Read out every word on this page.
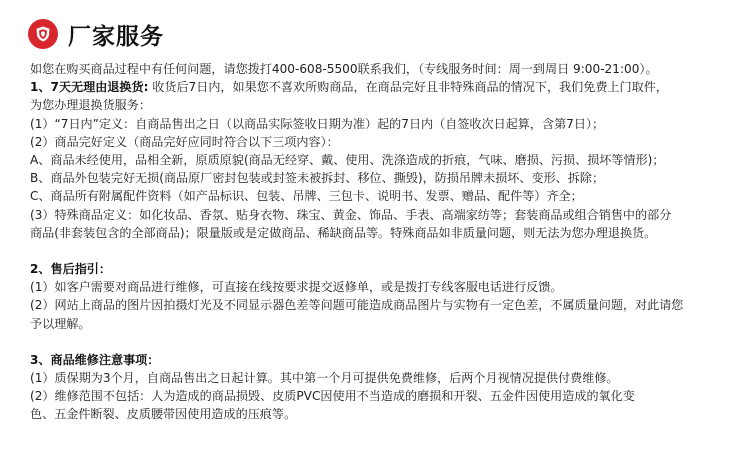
厂家服务
如您在购买商品过程中有任何问题，请您拨打400-608-5500联系我们，（专线服务时间：周一到周日 9:00-21:00）。
1、7天无理由退换货: 收货后7日内，如果您不喜欢所购商品，在商品完好且非特殊商品的情况下，我们免费上门取件，
为您办理退换货服务：
(1）“7日内”定义：自商品售出之日（以商品实际签收日期为准）起的7日内（自签收次日起算，含第7日）；
(2）商品完好定义（商品完好应同时符合以下三项内容）：
A、商品未经使用，品相全新，原质原貌(商品无经穿、戴、使用、洗涤造成的折痕，气味、磨损、污损、损坏等情形)；
B、商品外包装完好无损(商品原厂密封包装或封签未被拆封、移位、撕毁)，防损吊牌未损坏、变形、拆除；
C、商品所有附属配件资料（如产品标识、包装、吊牌、三包卡、说明书、发票、赠品、配件等）齐全；
(3）特殊商品定义：如化妆品、香氛、贴身衣物、珠宝、黄金、饰品、手表、高端家纺等；套装商品或组合销售中的部分
商品(非套装包含的全部商品)；限量版或是定做商品、稀缺商品等。特殊商品如非质量问题，则无法为您办理退换货。
2、售后指引：
(1）如客户需要对商品进行维修，可直接在线按要求提交返修单，或是拨打专线客服电话进行反馈。
(2）网站上商品的图片因拍摄灯光及不同显示器色差等问题可能造成商品图片与实物有一定色差，不属质量问题，对此请您
予以理解。
3、商品维修注意事项：
(1）质保期为3个月，自商品售出之日起计算。其中第一个月可提供免费维修，后两个月视情况提供付费维修。
(2）维修范围不包括：人为造成的商品损毁、皮质PVC因使用不当造成的磨损和开裂、五金件因使用造成的氧化变
色、五金件断裂、皮质腰带因使用造成的压痕等。
